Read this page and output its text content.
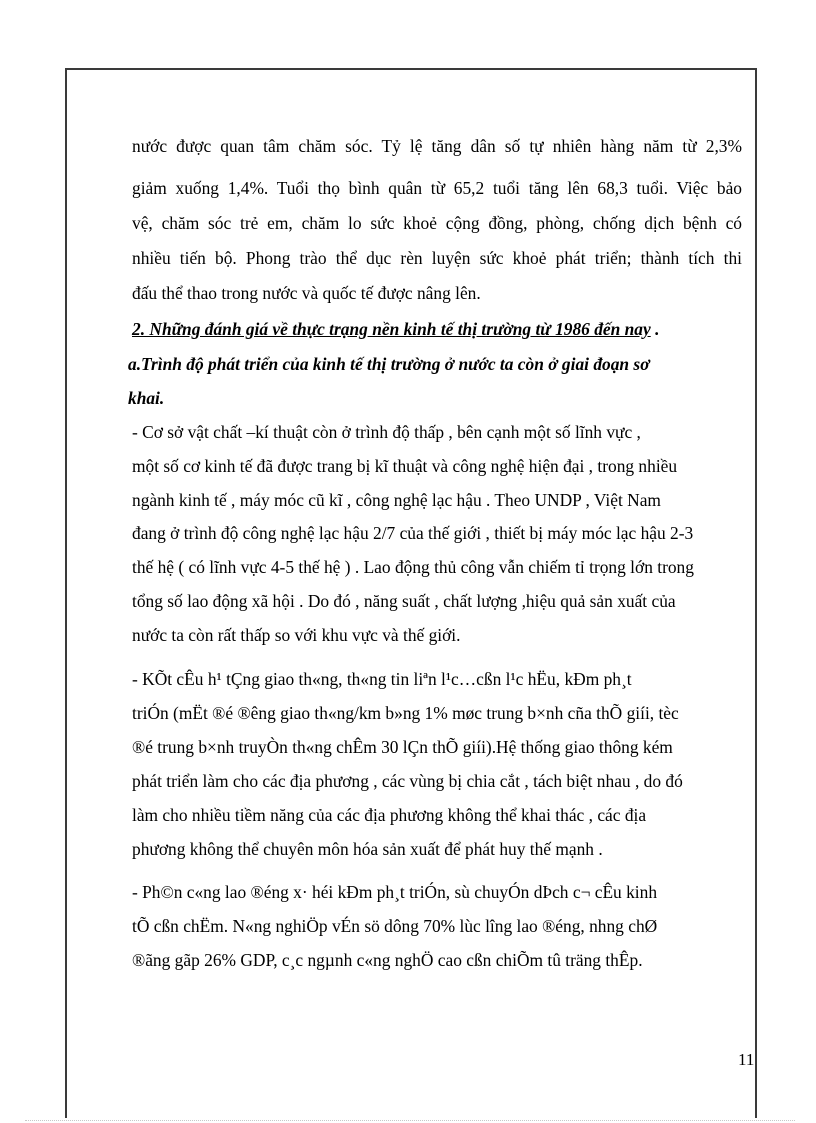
nước được quan tâm chăm sóc. Tỷ lệ tăng dân số tự nhiên hàng năm từ 2,3%
giảm xuống 1,4%. Tuổi thọ bình quân từ 65,2 tuổi tăng lên 68,3 tuổi. Việc bảo
vệ, chăm sóc trẻ em, chăm lo sức khoẻ cộng đồng, phòng, chống dịch bệnh có
nhiều tiến bộ. Phong trào thể dục rèn luyện sức khoẻ phát triển; thành tích thi
đấu thể thao trong nước và quốc tế được nâng lên.
2. Những đánh giá về thực trạng nền kinh tế thị trường từ 1986 đến nay .
a.Trình độ phát triển của kinh tế thị trường ở nước ta còn ở giai đoạn sơ
khai.
- Cơ sở vật chất –kí thuật còn ở trình độ thấp , bên cạnh một số lĩnh vực ,
một số cơ kinh tế đã được trang bị kĩ thuật và công nghệ hiện đại , trong nhiều
ngành kinh tế , máy móc cũ kĩ , công nghệ lạc hậu . Theo UNDP , Việt Nam
đang ở trình độ công nghệ lạc hậu 2/7 của thế giới , thiết bị máy móc lạc hậu 2-3
thế hệ ( có lĩnh vực 4-5 thế hệ ) . Lao động thủ công vẫn chiếm tỉ trọng lớn trong
tổng số lao động xã hội . Do đó , năng suất , chất lượng ,hiệu quả sản xuất của
nước ta còn rất thấp so với khu vực và thế giới.
- KÕt cÊu h¹ tÇng giao th«ng, th«ng tin liªn l¹c…cßn l¹c hËu, kÐm ph¸t
triÓn (mËt ®é ®êng giao th«ng/km b»ng 1% møc trung b×nh cña thÕ giíi, tèc
®é trung b×nh truyÒn th«ng chÊm 30 lÇn thÕ giíi).Hệ thống giao thông kém
phát triển làm cho các địa phương , các vùng bị chia cắt , tách biệt nhau , do đó
làm cho nhiều tiềm năng của các địa phương không thể khai thác , các địa
phương không thể chuyên môn hóa sản xuất để phát huy thế mạnh .
- Ph©n c«ng lao ®éng x· héi kÐm ph¸t triÓn, sù chuyÓn dÞch c¬ cÊu kinh
tÕ cßn chËm. N«ng nghiÖp vÉn sö dông 70% lùc lîng lao ®éng, nhng chØ
®ãng gãp 26% GDP, c¸c ngµnh c«ng nghÖ cao cßn chiÕm tû träng thÊp.
11
